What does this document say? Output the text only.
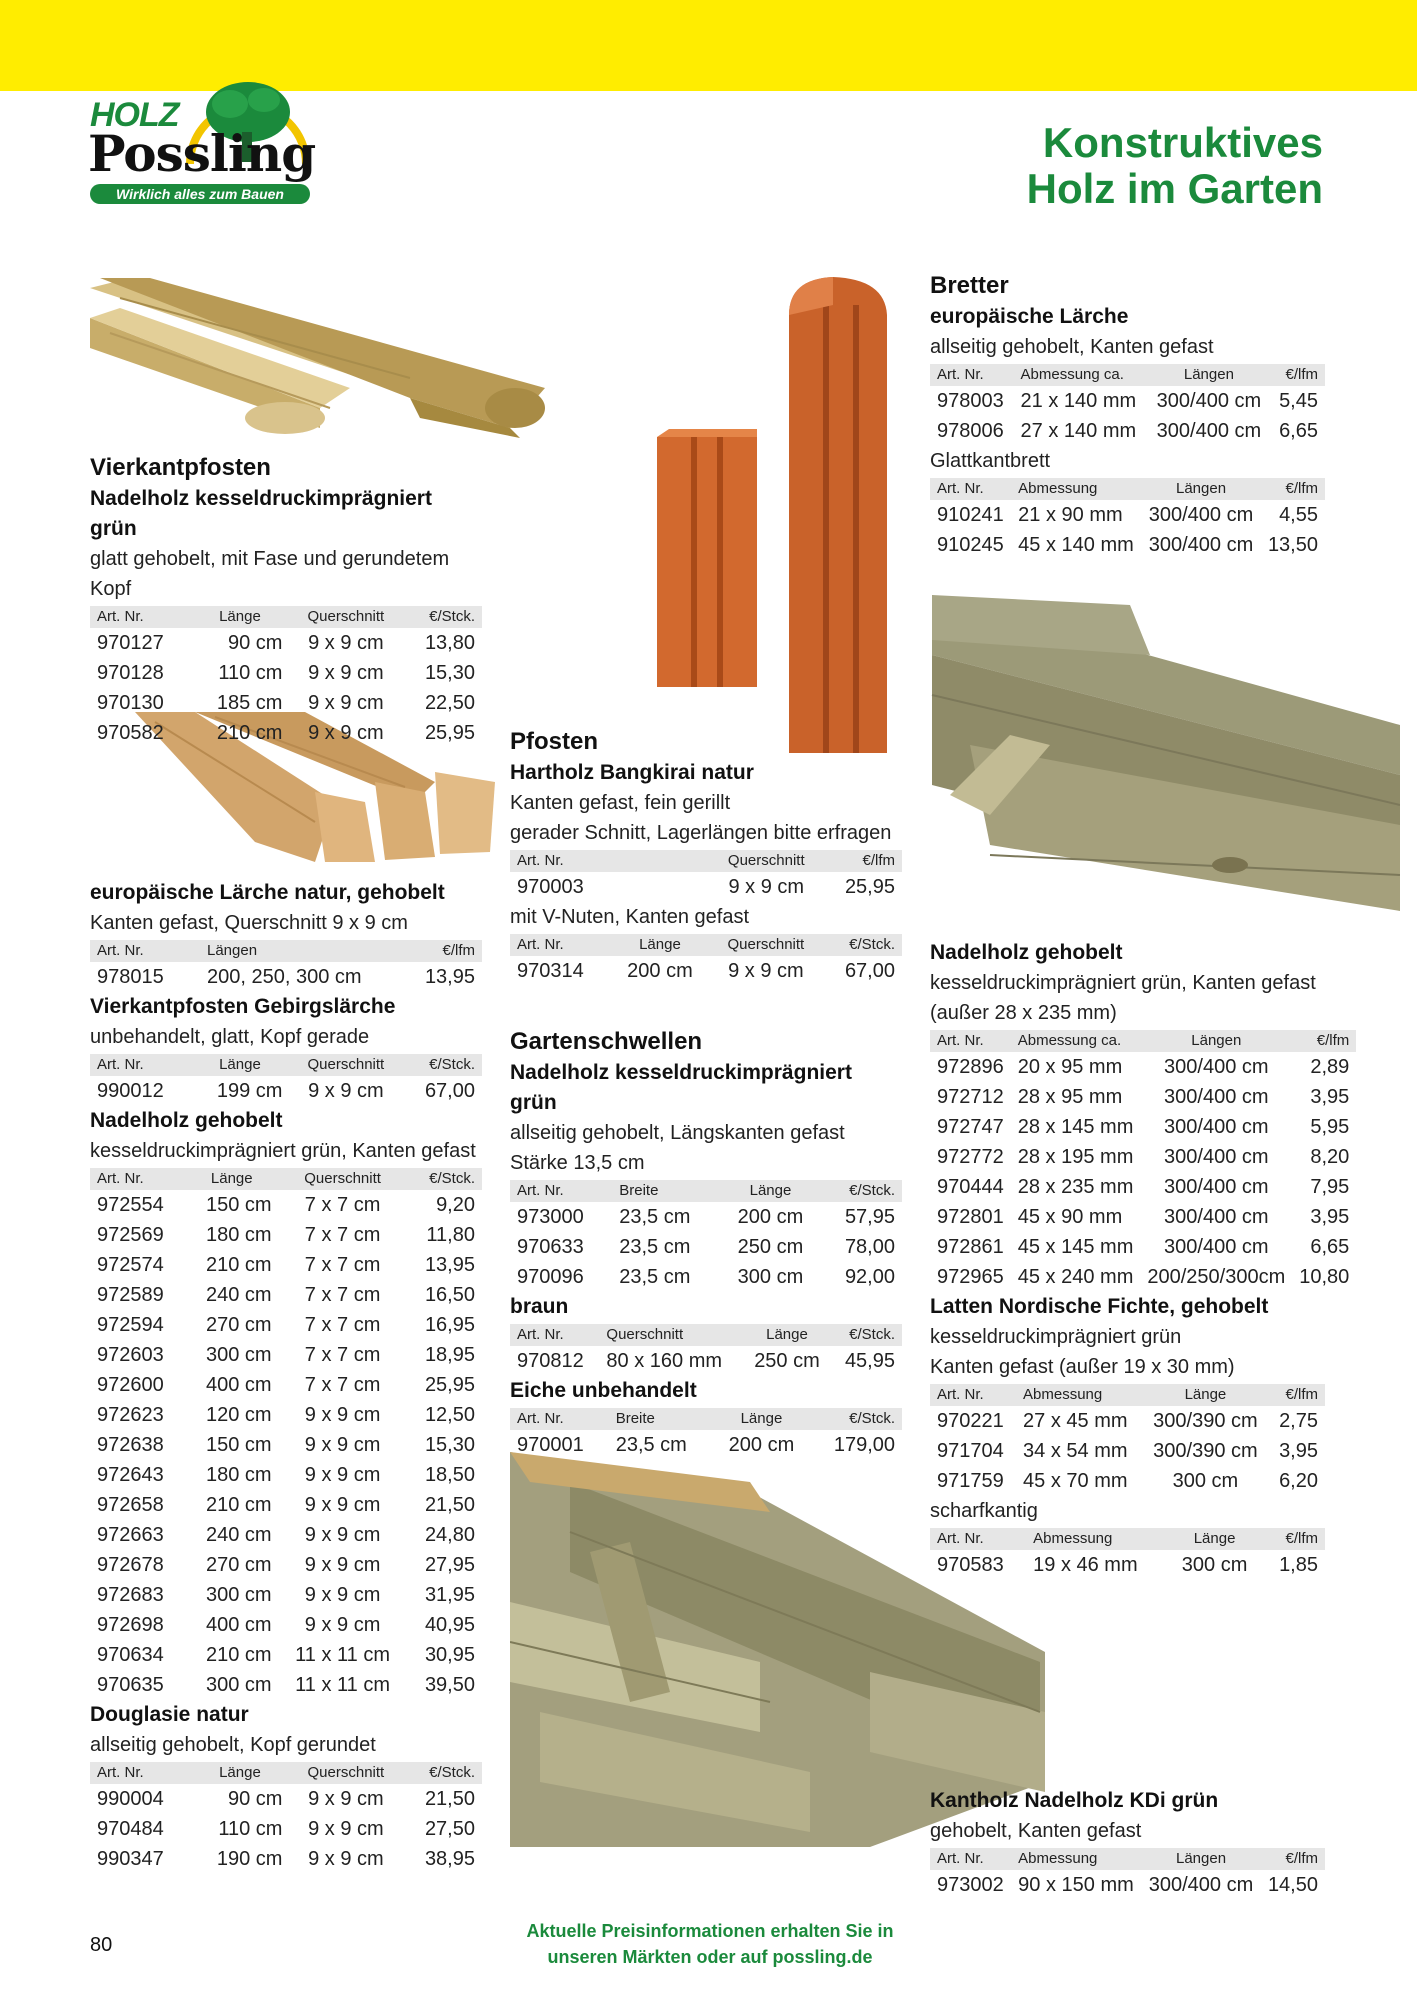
HOLZ
Possling
Wirklich alles zum Bauen
Konstruktives
Holz im Garten
Vierkantpfosten
Nadelholz kesseldruckimprägniert grün
glatt gehobelt, mit Fase und gerundetem Kopf
Art. Nr.	Länge	Querschnitt	€/Stck.
970127	90 cm	9 x 9 cm	13,80
970128	110 cm	9 x 9 cm	15,30
970130	185 cm	9 x 9 cm	22,50
970582	210 cm	9 x 9 cm	25,95
europäische Lärche natur, gehobelt
Kanten gefast, Querschnitt 9 x 9 cm
Art. Nr.	Längen	€/lfm
978015	200, 250, 300 cm	13,95
Vierkantpfosten Gebirgslärche
unbehandelt, glatt, Kopf gerade
Art. Nr.	Länge	Querschnitt	€/Stck.
990012	199 cm	9 x 9 cm	67,00
Nadelholz gehobelt
kesseldruckimprägniert grün, Kanten gefast
Art. Nr.	Länge	Querschnitt	€/Stck.
972554	150 cm	7 x 7 cm	9,20
972569	180 cm	7 x 7 cm	11,80
972574	210 cm	7 x 7 cm	13,95
972589	240 cm	7 x 7 cm	16,50
972594	270 cm	7 x 7 cm	16,95
972603	300 cm	7 x 7 cm	18,95
972600	400 cm	7 x 7 cm	25,95
972623	120 cm	9 x 9 cm	12,50
972638	150 cm	9 x 9 cm	15,30
972643	180 cm	9 x 9 cm	18,50
972658	210 cm	9 x 9 cm	21,50
972663	240 cm	9 x 9 cm	24,80
972678	270 cm	9 x 9 cm	27,95
972683	300 cm	9 x 9 cm	31,95
972698	400 cm	9 x 9 cm	40,95
970634	210 cm	11 x 11 cm	30,95
970635	300 cm	11 x 11 cm	39,50
Douglasie natur
allseitig gehobelt, Kopf gerundet
Art. Nr.	Länge	Querschnitt	€/Stck.
990004	90 cm	9 x 9 cm	21,50
970484	110 cm	9 x 9 cm	27,50
990347	190 cm	9 x 9 cm	38,95
Pfosten
Hartholz Bangkirai natur
Kanten gefast, fein gerillt
gerader Schnitt, Lagerlängen bitte erfragen
Art. Nr.	Querschnitt	€/lfm
970003	9 x 9 cm	25,95
mit V-Nuten, Kanten gefast
Art. Nr.	Länge	Querschnitt	€/Stck.
970314	200 cm	9 x 9 cm	67,00
Gartenschwellen
Nadelholz kesseldruckimprägniert grün
allseitig gehobelt, Längskanten gefast
Stärke 13,5 cm
Art. Nr.	Breite	Länge	€/Stck.
973000	23,5 cm	200 cm	57,95
970633	23,5 cm	250 cm	78,00
970096	23,5 cm	300 cm	92,00
braun
Art. Nr.	Querschnitt	Länge	€/Stck.
970812	80 x 160 mm	250 cm	45,95
Eiche unbehandelt
Art. Nr.	Breite	Länge	€/Stck.
970001	23,5 cm	200 cm	179,00
Bretter
europäische Lärche
allseitig gehobelt, Kanten gefast
Art. Nr.	Abmessung ca.	Längen	€/lfm
978003	21 x 140 mm	300/400 cm	5,45
978006	27 x 140 mm	300/400 cm	6,65
Glattkantbrett
Art. Nr.	Abmessung	Längen	€/lfm
910241	21 x 90 mm	300/400 cm	4,55
910245	45 x 140 mm	300/400 cm	13,50
Nadelholz gehobelt
kesseldruckimprägniert grün, Kanten gefast
(außer 28 x 235 mm)
Art. Nr.	Abmessung ca.	Längen	€/lfm
972896	20 x 95 mm	300/400 cm	2,89
972712	28 x 95 mm	300/400 cm	3,95
972747	28 x 145 mm	300/400 cm	5,95
972772	28 x 195 mm	300/400 cm	8,20
970444	28 x 235 mm	300/400 cm	7,95
972801	45 x 90 mm	300/400 cm	3,95
972861	45 x 145 mm	300/400 cm	6,65
972965	45 x 240 mm	200/250/300cm	10,80
Latten Nordische Fichte, gehobelt
kesseldruckimprägniert grün
Kanten gefast (außer 19 x 30 mm)
Art. Nr.	Abmessung	Länge	€/lfm
970221	27 x 45 mm	300/390 cm	2,75
971704	34 x 54 mm	300/390 cm	3,95
971759	45 x 70 mm	300 cm	6,20
scharfkantig
Art. Nr.	Abmessung	Länge	€/lfm
970583	19 x 46 mm	300 cm	1,85
Kantholz Nadelholz KDi grün
gehobelt, Kanten gefast
Art. Nr.	Abmessung	Längen	€/lfm
973002	90 x 150 mm	300/400 cm	14,50
Aktuelle Preisinformationen erhalten Sie in
unseren Märkten oder auf possling.de
80
